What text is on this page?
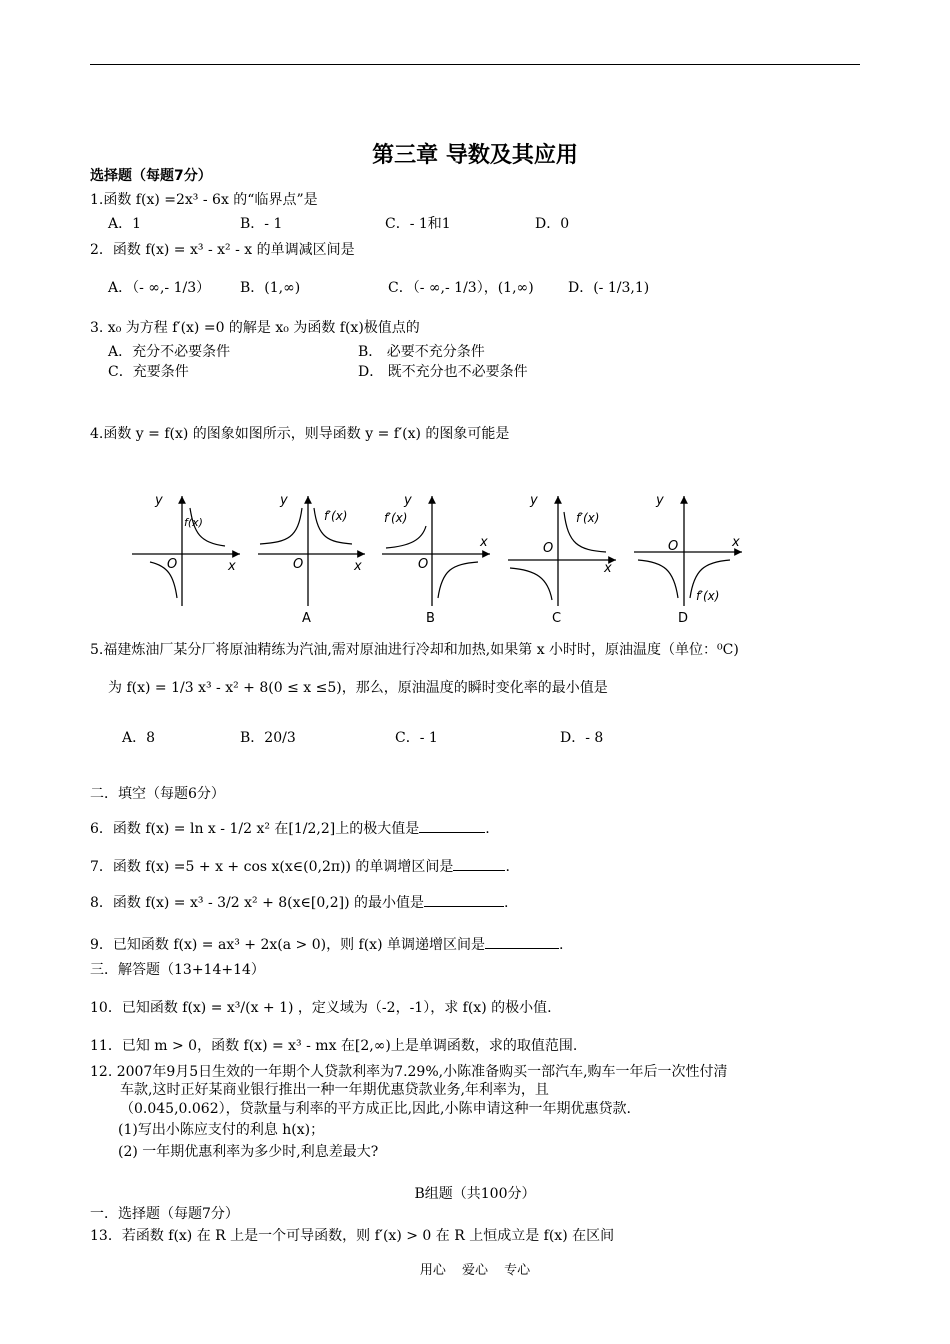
第三章 导数及其应用
选择题（每题7分）
1.函数 f(x) =2x³ - 6x 的“临界点”是
A．1	B．- 1	C．- 1和1	D．0
2．函数 f(x) = x³ - x² - x 的单调减区间是
A．（- ∞,- 1/3） B．(1,∞)	C．（- ∞,- 1/3），(1,∞) D．(- 1/3,1)
3. x₀ 为方程 f′(x) =0 的解是 x₀ 为函数 f(x)极值点的
A．充分不必要条件	B． 必要不充分条件
C．充要条件	D． 既不充分也不必要条件
4.函数 y = f(x) 的图象如图所示，则导函数 y = f′(x) 的图象可能是
y
x
O
f(x)
y
x
O
f′(x)
A
y
x
O
f′(x)
B
y
x
O
f′(x)
C
y
x
O
f′(x)
D
5.福建炼油厂某分厂将原油精练为汽油,需对原油进行冷却和加热,如果第 x 小时时，原油温度（单位：⁰C)
为 f(x) = 1/3 x³ - x² + 8(0 ≤ x ≤5)，那么，原油温度的瞬时变化率的最小值是
A．8	B．20/3	C．- 1	D．- 8
二．填空（每题6分）
6．函数 f(x) = ln x - 1/2 x² 在[1/2,2]上的极大值是	.
7．函数 f(x) =5 + x + cos x(x∈(0,2π)) 的单调增区间是	.
8．函数 f(x) = x³ - 3/2 x² + 8(x∈[0,2]) 的最小值是	.
9．已知函数 f(x) = ax³ + 2x(a > 0)，则 f(x) 单调递增区间是	.
三．解答题（13+14+14）
10．已知函数 f(x) = x³/(x + 1) ，定义域为（-2，-1），求 f(x) 的极小值.
11．已知 m > 0，函数 f(x) = x³ - mx 在[2,∞)上是单调函数，求的取值范围.
12. 2007年9月5日生效的一年期个人贷款利率为7.29%,小陈准备购买一部汽车,购车一年后一次性付清
车款,这时正好某商业银行推出一种一年期优惠贷款业务,年利率为，且
（0.045,0.062），贷款量与利率的平方成正比,因此,小陈申请这种一年期优惠贷款.
(1)写出小陈应支付的利息 h(x)；
(2) 一年期优惠利率为多少时,利息差最大?
B组题（共100分）
一．选择题（每题7分）
13．若函数 f(x) 在 R 上是一个可导函数，则 f′(x) > 0 在 R 上恒成立是 f(x) 在区间
用心 爱心 专心
